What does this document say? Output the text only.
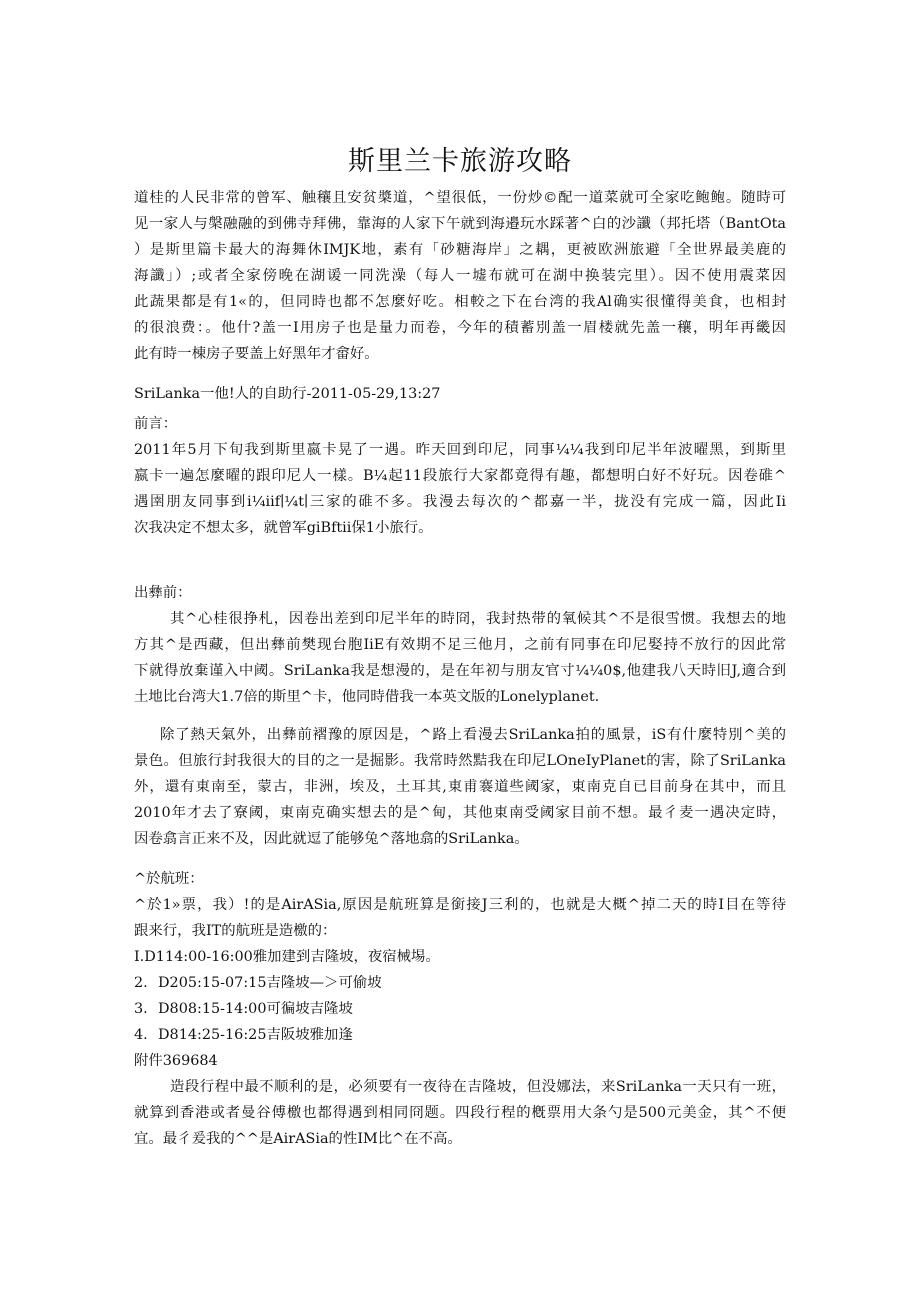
斯里兰卡旅游攻略
道桂的人民非常的曾军、触穰且安贫槳道，^望很低，一份炒©配一道菜就可全家吃鲍鲍。随時可
见一家人与槃融融的到佛寺拜佛，靠海的人家下午就到海邉玩水踩著^白的沙讖（邦托塔（BantOta
）是斯里篇卡最大的海舞休IMJK地，素有「砂糖海岸」之耦，更被欧洲旅避「全世界最美鹿的
海讖」）;或者全家傍晚在湖谖一同洗澡（每人一墟布就可在湖中换装完里）。因不使用震菜因
此蔬果都是有1«的，但同時也都不怎麼好吃。相較之下在台湾的我Al确实很懂得美食，也相封
的很浪费：。他什?盖一I用房子也是量力而卷，今年的積蓄別盖一眉楼就先盖一穰，明年再畿因
此有時一棟房子要盖上好黑年才畲好。
SriLanka一他!人的自助行-2011-05-29,13:27
前言：
2011年5月下旬我到斯里嬴卡晃了一遇。昨天回到印尼，同事¼¼我到印尼半年波曜黑，到斯里
嬴卡一遍怎麼曜的跟印尼人一樣。B¼起11段旅行大家都竟得有趣，都想明白好不好玩。因卷碓^
遇圉朋友同事到i¼iif∣¼t∣三家的碓不多。我漫去每次的^都嘉一半，拢没有完成一篇，因此Ii
次我决定不想太多，就曾军giBftii保1小旅行。
出彝前：
其^心桂很挣札，因卷出差到印尼半年的時冏，我封热带的氧候其^不是很雪惯。我想去的地
方其^是西藏，但出彝前樊现台胞IiE有效期不足三他月，之前有同事在印尼娶持不放行的因此常
下就得放棄谨入中阈。SriLanka我是想漫的，是在年初与朋友官寸¼¼0$,他建我八天時旧J,適合到
土地比台湾大1.7倍的斯里^卡，他同時借我一本英文版的Lonelyplanet.
除了熱天氣外，出彝前褶豫的原因是，^路上看漫去SriLanka拍的風景，iS有什麼特別^美的
景色。但旅行封我很大的目的之一是掘影。我常時然黠我在印尼LOneIyPlanet的害，除了SriLanka
外，還有東南至，蒙古，非洲，埃及，土耳其,東甫褰道些阈家，東南克自已目前身在其中，而且
2010年才去了寮阈，東南克确实想去的是^甸，其他東南受阈家目前不想。最彳麦一遇决定時，
因卷翕言正来不及，因此就逗了能够兔^落地翕的SriLanka。
^於航班：
^於1»票，我）!的是AirASia,原因是航班算是銜接J三利的，也就是大概^掉二天的時I目在等待
跟来行，我IT的航班是造檄的：
I.D114:00-16:00雅加建到吉隆坡，夜宿械埸。
2. D205:15-07:15吉隆坡—＞可偷坡
3. D808:15-14:00可徧坡吉隆坡
4. D814:25-16:25吉阪坡雅加逢
附件369684
造段行程中最不顺利的是，必须要有一夜待在吉隆坡，但没娜法，来SriLanka一天只有一班，
就算到香港或者曼谷傅檄也都得遇到相同冏题。四段行程的槪票用大条勺是500元美金，其^不便
宜。最彳爰我的^^是AirASia的性IM比^在不高。
